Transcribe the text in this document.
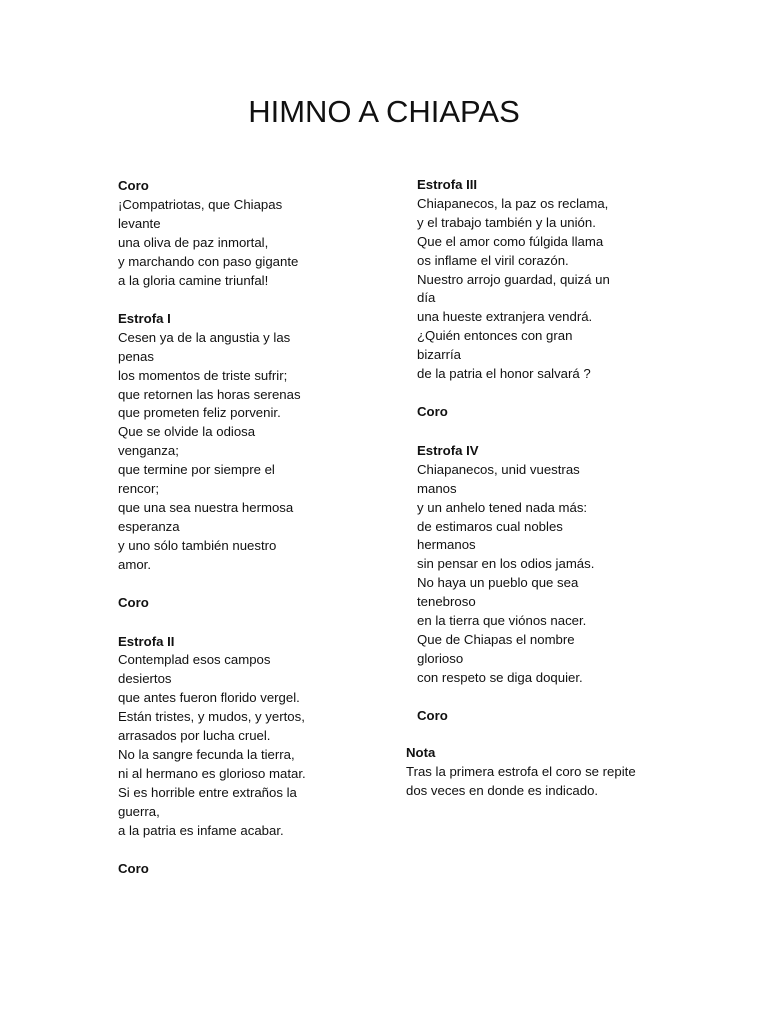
HIMNO A CHIAPAS
Coro
¡Compatriotas, que Chiapas
levante
una oliva de paz inmortal,
y marchando con paso gigante
a la gloria camine triunfal!
Estrofa I
Cesen ya de la angustia y las
penas
los momentos de triste sufrir;
que retornen las horas serenas
que prometen feliz porvenir.
Que se olvide la odiosa
venganza;
que termine por siempre el
rencor;
que una sea nuestra hermosa
esperanza
y uno sólo también nuestro
amor.
Coro
Estrofa II
Contemplad esos campos
desiertos
que antes fueron florido vergel.
Están tristes, y mudos, y yertos,
arrasados por lucha cruel.
No la sangre fecunda la tierra,
ni al hermano es glorioso matar.
Si es horrible entre extraños la
guerra,
a la patria es infame acabar.
Coro
Estrofa III
Chiapanecos, la paz os reclama,
y el trabajo también y la unión.
Que el amor como fúlgida llama
os inflame el viril corazón.
Nuestro arrojo guardad, quizá un
día
una hueste extranjera vendrá.
¿Quién entonces con gran
bizarría
de la patria el honor salvará ?
Coro
Estrofa IV
Chiapanecos, unid vuestras
manos
y un anhelo tened nada más:
de estimaros cual nobles
hermanos
sin pensar en los odios jamás.
No haya un pueblo que sea
tenebroso
en la tierra que viónos nacer.
Que de Chiapas el nombre
glorioso
con respeto se diga doquier.
Coro
Nota
Tras la primera estrofa el coro se repite
dos veces en donde es indicado.
